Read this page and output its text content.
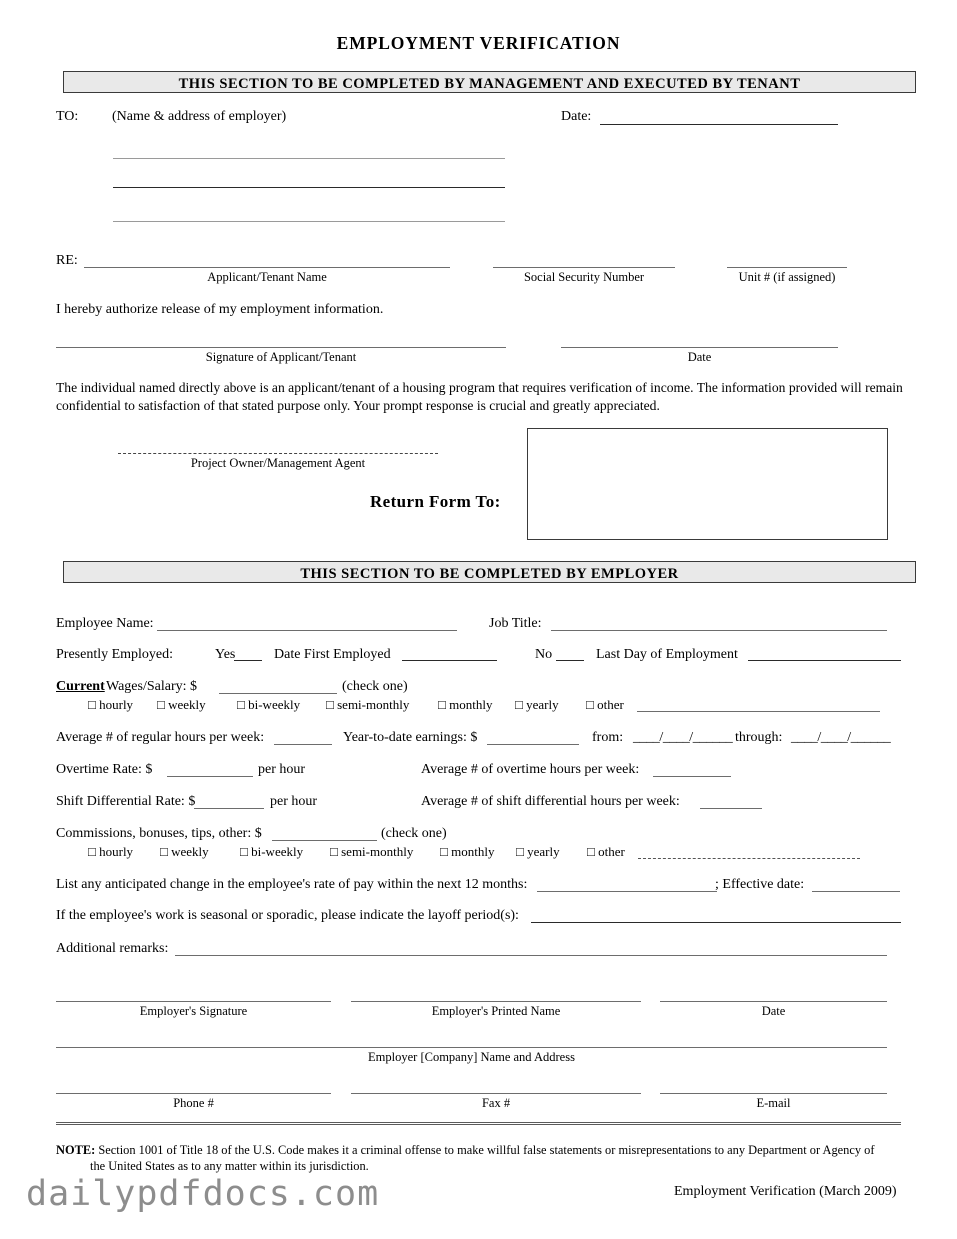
EMPLOYMENT VERIFICATION
THIS SECTION TO BE COMPLETED BY MANAGEMENT AND EXECUTED BY TENANT
TO: (Name & address of employer)	Date:
RE:
Applicant/Tenant Name	Social Security Number	Unit # (if assigned)
I hereby authorize release of my employment information.
Signature of Applicant/Tenant	Date
The individual named directly above is an applicant/tenant of a housing program that requires verification of income. The information provided will remain confidential to satisfaction of that stated purpose only. Your prompt response is crucial and greatly appreciated.
Project Owner/Management Agent
Return Form To:
THIS SECTION TO BE COMPLETED BY EMPLOYER
Employee Name:	Job Title:
Presently Employed:	Yes	Date First Employed	No	Last Day of Employment
Current Wages/Salary: $	(check one)
□ hourly □ weekly □ bi-weekly □ semi-monthly □ monthly □ yearly □ other
Average # of regular hours per week:	Year-to-date earnings: $	from: ____/____/______ through: ____/____/______
Overtime Rate: $	per hour	Average # of overtime hours per week:
Shift Differential Rate: $	per hour	Average # of shift differential hours per week:
Commissions, bonuses, tips, other: $	(check one)
□ hourly □ weekly □ bi-weekly □ semi-monthly □ monthly □ yearly □ other
List any anticipated change in the employee's rate of pay within the next 12 months:	; Effective date:
If the employee's work is seasonal or sporadic, please indicate the layoff period(s):
Additional remarks:
Employer's Signature	Employer's Printed Name	Date
Employer [Company] Name and Address
Phone #	Fax #	E-mail
NOTE: Section 1001 of Title 18 of the U.S. Code makes it a criminal offense to make willful false statements or misrepresentations to any Department or Agency of
the United States as to any matter within its jurisdiction.
dailypdfdocs.com	Employment Verification (March 2009)
